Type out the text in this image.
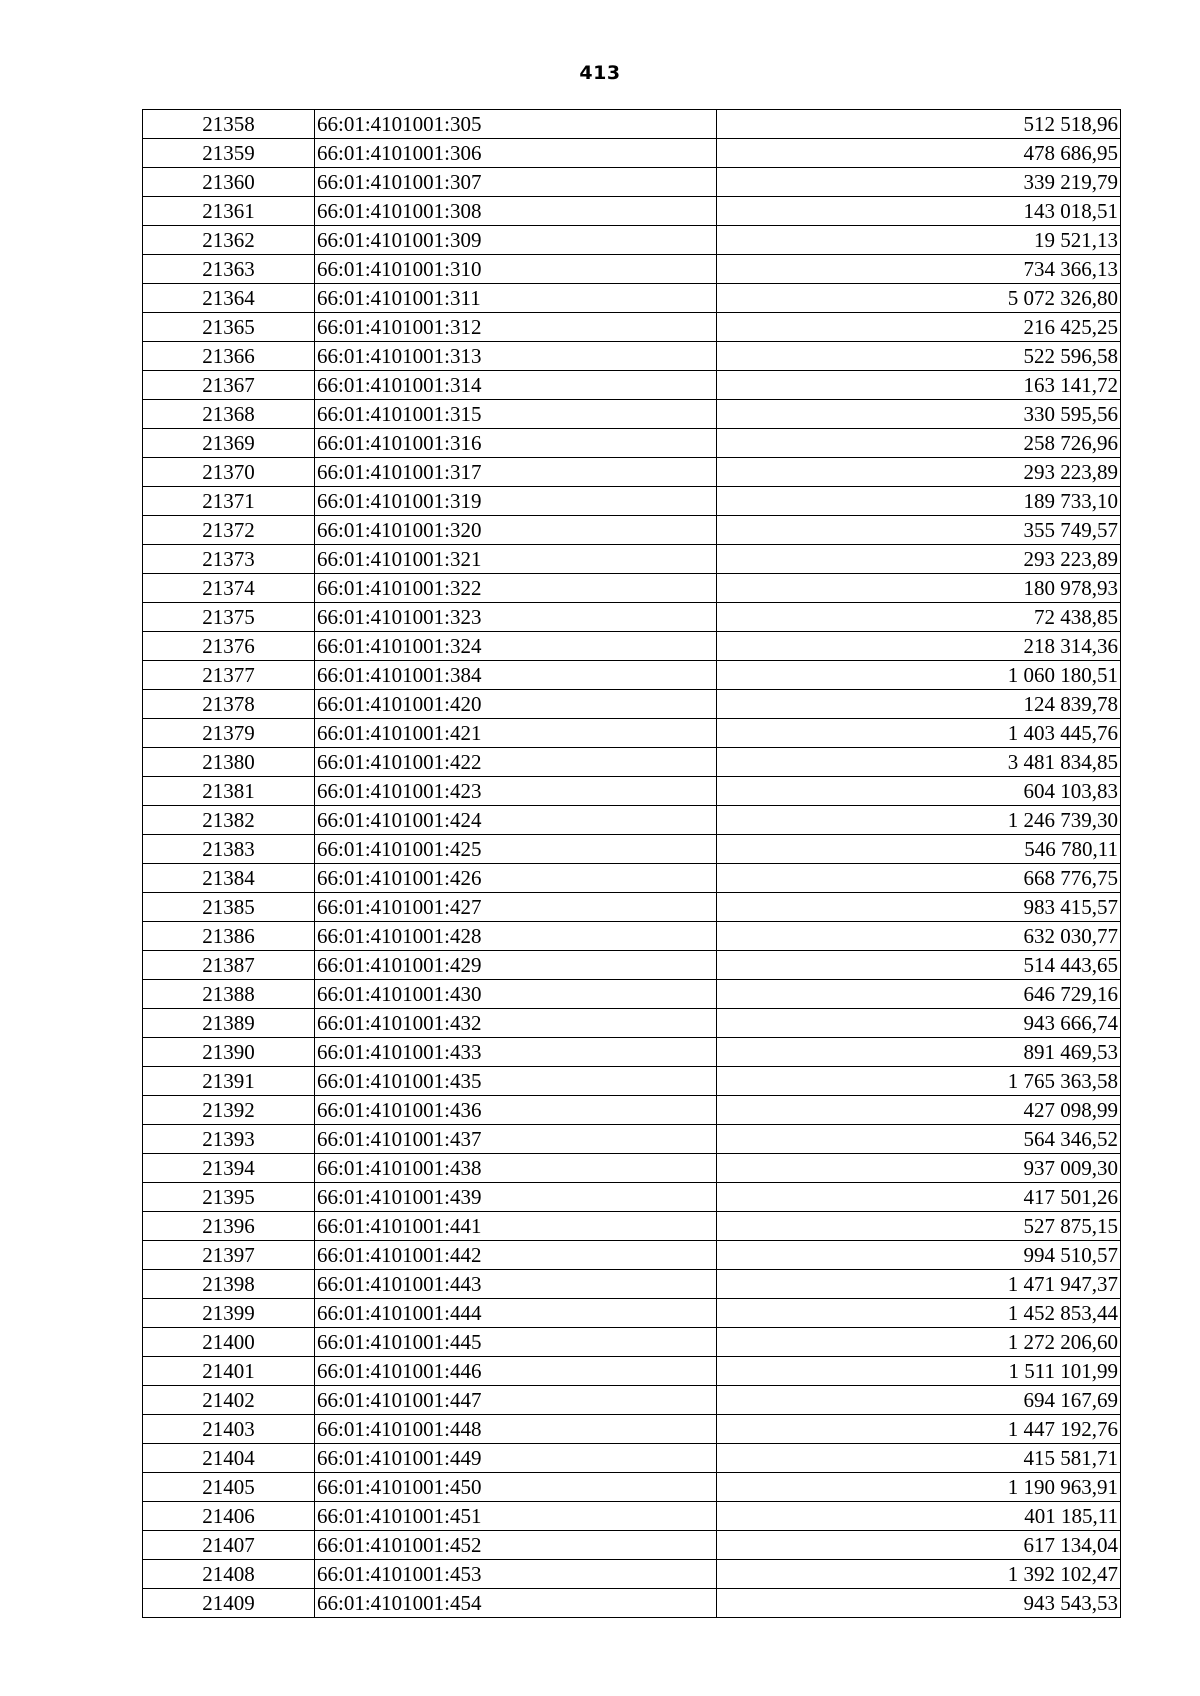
413
21358	66:01:4101001:305	512 518,96
21359	66:01:4101001:306	478 686,95
21360	66:01:4101001:307	339 219,79
21361	66:01:4101001:308	143 018,51
21362	66:01:4101001:309	19 521,13
21363	66:01:4101001:310	734 366,13
21364	66:01:4101001:311	5 072 326,80
21365	66:01:4101001:312	216 425,25
21366	66:01:4101001:313	522 596,58
21367	66:01:4101001:314	163 141,72
21368	66:01:4101001:315	330 595,56
21369	66:01:4101001:316	258 726,96
21370	66:01:4101001:317	293 223,89
21371	66:01:4101001:319	189 733,10
21372	66:01:4101001:320	355 749,57
21373	66:01:4101001:321	293 223,89
21374	66:01:4101001:322	180 978,93
21375	66:01:4101001:323	72 438,85
21376	66:01:4101001:324	218 314,36
21377	66:01:4101001:384	1 060 180,51
21378	66:01:4101001:420	124 839,78
21379	66:01:4101001:421	1 403 445,76
21380	66:01:4101001:422	3 481 834,85
21381	66:01:4101001:423	604 103,83
21382	66:01:4101001:424	1 246 739,30
21383	66:01:4101001:425	546 780,11
21384	66:01:4101001:426	668 776,75
21385	66:01:4101001:427	983 415,57
21386	66:01:4101001:428	632 030,77
21387	66:01:4101001:429	514 443,65
21388	66:01:4101001:430	646 729,16
21389	66:01:4101001:432	943 666,74
21390	66:01:4101001:433	891 469,53
21391	66:01:4101001:435	1 765 363,58
21392	66:01:4101001:436	427 098,99
21393	66:01:4101001:437	564 346,52
21394	66:01:4101001:438	937 009,30
21395	66:01:4101001:439	417 501,26
21396	66:01:4101001:441	527 875,15
21397	66:01:4101001:442	994 510,57
21398	66:01:4101001:443	1 471 947,37
21399	66:01:4101001:444	1 452 853,44
21400	66:01:4101001:445	1 272 206,60
21401	66:01:4101001:446	1 511 101,99
21402	66:01:4101001:447	694 167,69
21403	66:01:4101001:448	1 447 192,76
21404	66:01:4101001:449	415 581,71
21405	66:01:4101001:450	1 190 963,91
21406	66:01:4101001:451	401 185,11
21407	66:01:4101001:452	617 134,04
21408	66:01:4101001:453	1 392 102,47
21409	66:01:4101001:454	943 543,53
